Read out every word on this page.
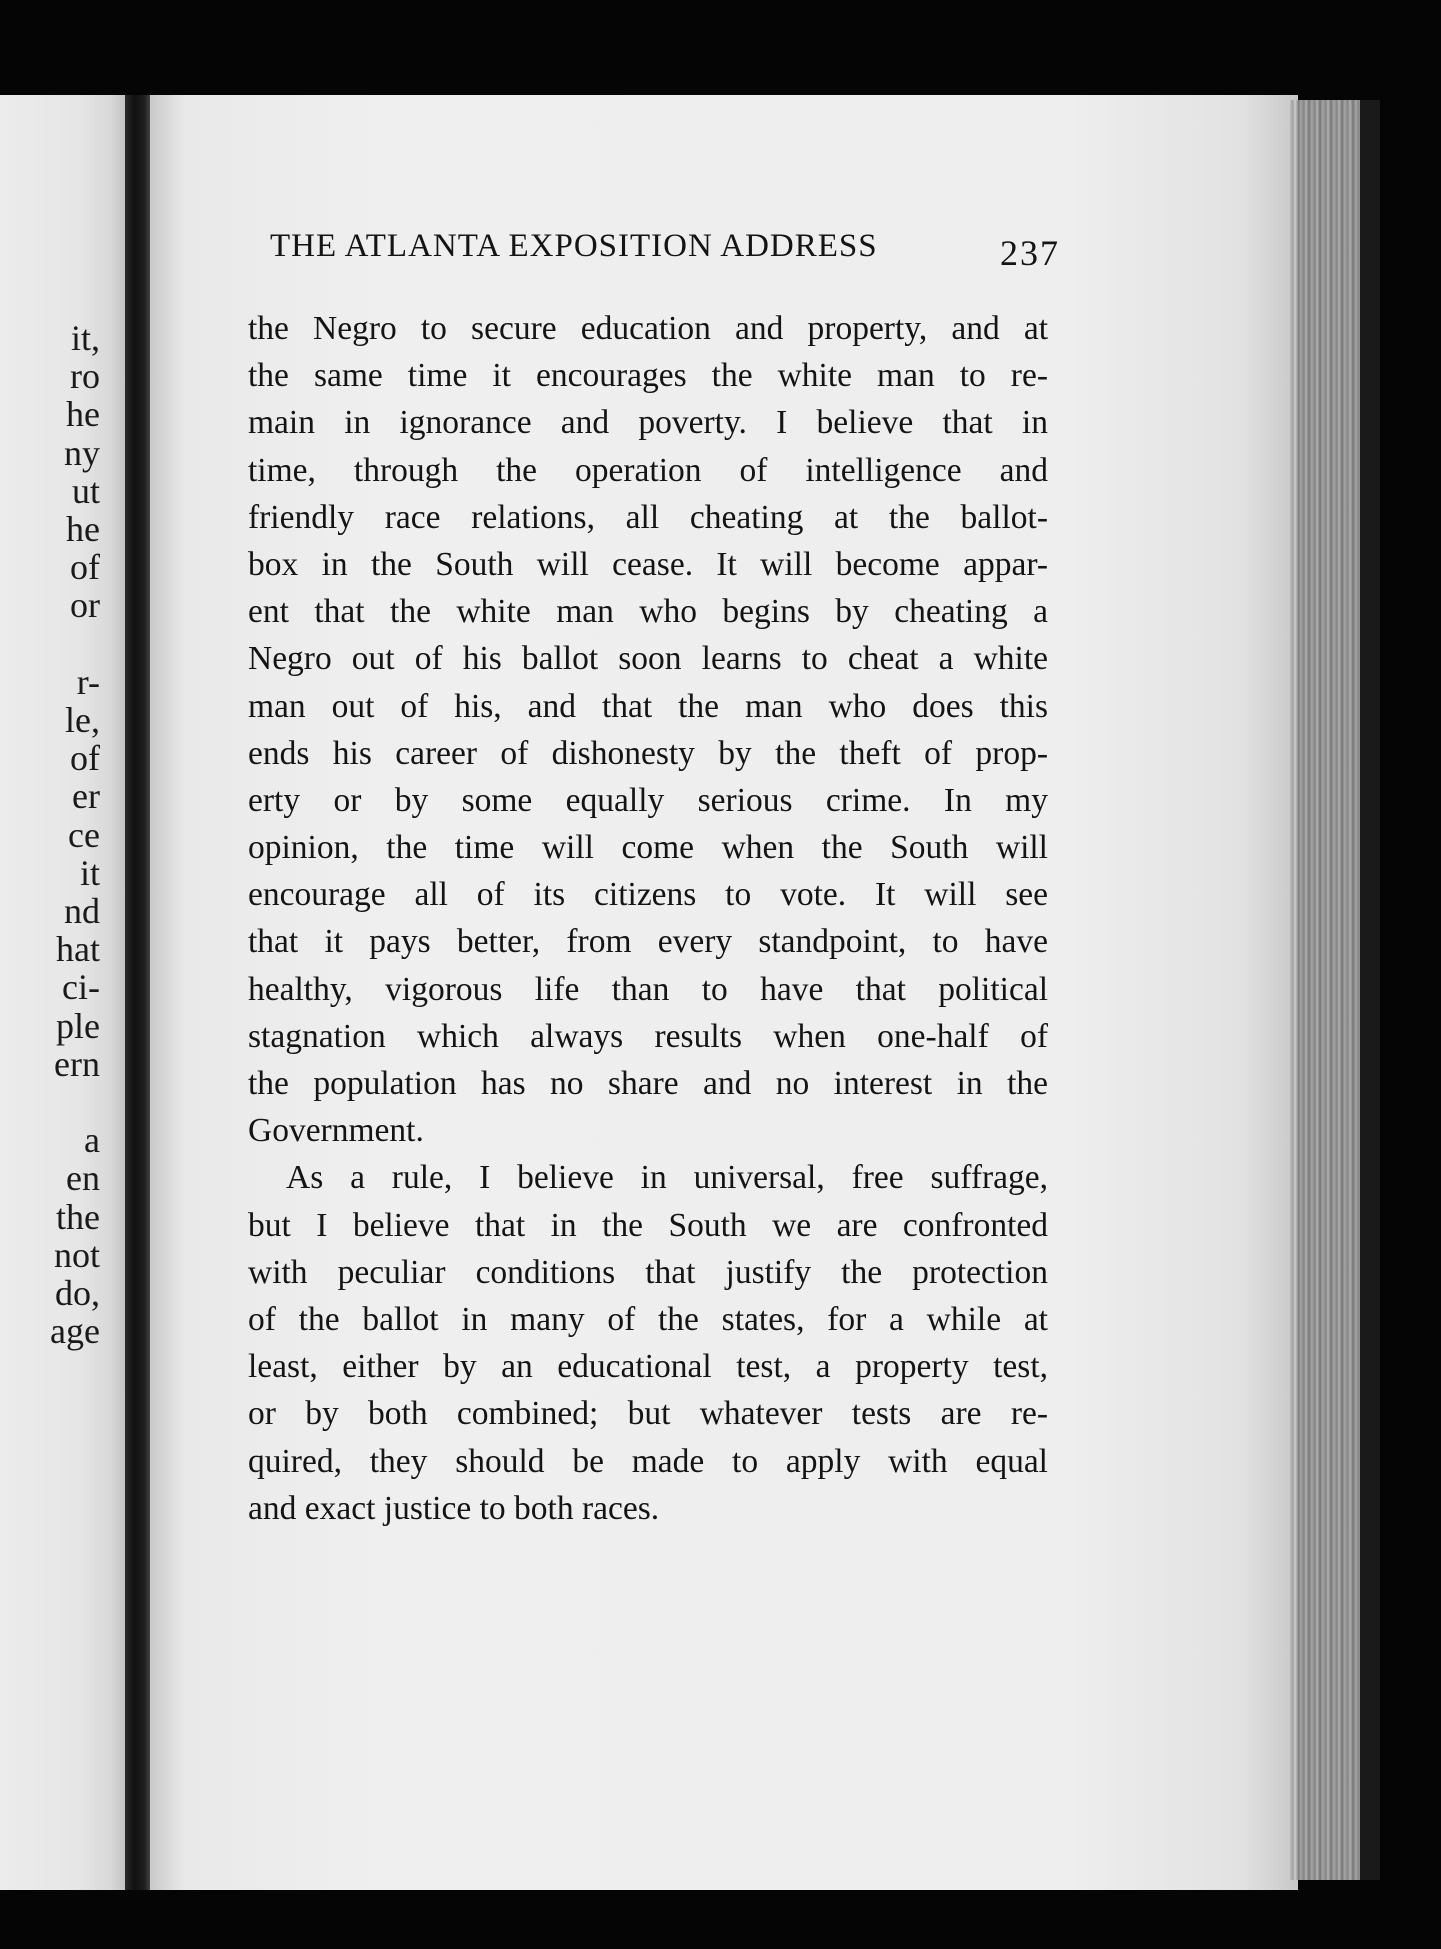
it,
ro
he
ny
ut
he
of
or
r-
le,
of
er
ce
it
nd
hat
ci-
ple
ern
a
en
the
not
do,
age
THE ATLANTA EXPOSITION ADDRESS	237
the Negro to secure education and property, and at
the same time it encourages the white man to re-
main in ignorance and poverty. I believe that in
time, through the operation of intelligence and
friendly race relations, all cheating at the ballot-
box in the South will cease. It will become appar-
ent that the white man who begins by cheating a
Negro out of his ballot soon learns to cheat a white
man out of his, and that the man who does this
ends his career of dishonesty by the theft of prop-
erty or by some equally serious crime. In my
opinion, the time will come when the South will
encourage all of its citizens to vote. It will see
that it pays better, from every standpoint, to have
healthy, vigorous life than to have that political
stagnation which always results when one-half of
the population has no share and no interest in the
Government.
As a rule, I believe in universal, free suffrage,
but I believe that in the South we are confronted
with peculiar conditions that justify the protection
of the ballot in many of the states, for a while at
least, either by an educational test, a property test,
or by both combined; but whatever tests are re-
quired, they should be made to apply with equal
and exact justice to both races.
